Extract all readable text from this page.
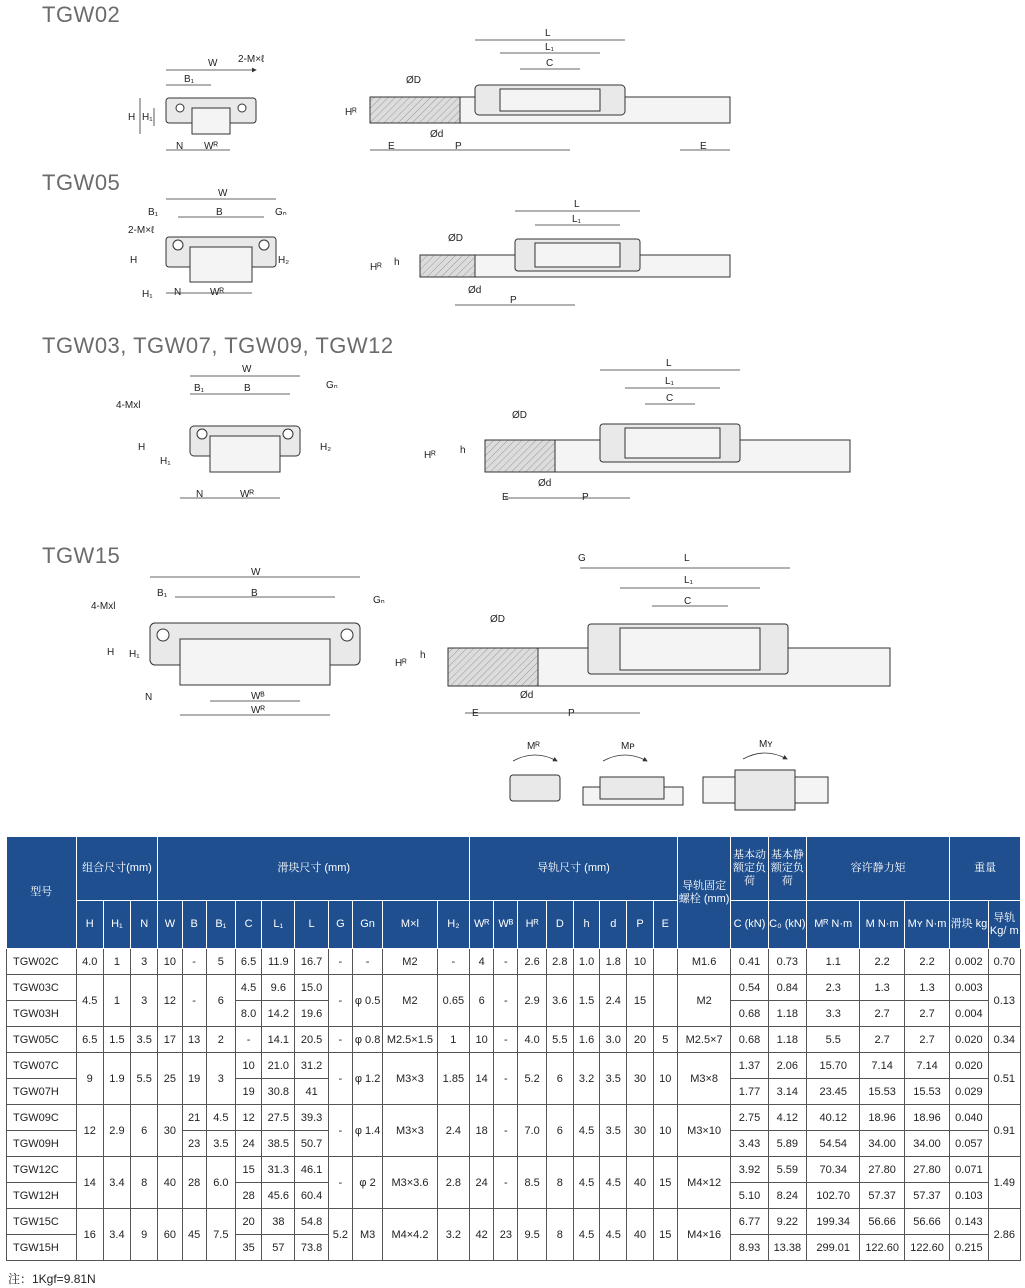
TGW02
TGW05
TGW03, TGW07, TGW09, TGW12
TGW15
W
B₁
2-M×ℓ
H H₁
N Wᴿ
L
L₁
C
ØD
Ød
Hᴿ
E	P	E
W
B₁	B	Gₙ
2-M×ℓ
H
H₁
H₂
N	Wᴿ
L
L₁
ØD
Ød
Hᴿ h
P
W
B₁	B	Gₙ
4-Mxl
H
H₁
H₂
N	Wᴿ
L
L₁
C
ØD
Ød
Hᴿ h
E	P
W
B₁	B
Gₙ
4-Mxl
H H₁
N	Wᴮ
Wᴿ
L
L₁
C
G
ØD
Ød
Hᴿ
h
E	P
Mᴿ	Mᴘ	Mʏ
型号	组合尺寸(mm)			滑块尺寸 (mm)										导轨尺寸 (mm)								导轨固定螺栓 (mm)	基本动额定负荷	基本静额定负荷	容许静力矩			重量	
	H	H₁	N	W	B	B₁	C	L₁	L	G	Gn	M×l	H₂	Wᴿ	Wᴮ	Hᴿ	D	h	d	P	E		C (kN)	C₀ (kN)	Mᴿ N·m	M N·m	Mʏ N·m	滑块 kg	导轨 Kg/ m
TGW02C	4.0	1	3	10	-	5	6.5	11.9	16.7	-	-	M2	-	4	-	2.6	2.8	1.0	1.8	10		M1.6	0.41	0.73	1.1	2.2	2.2	0.002	0.70
TGW03C	4.5	1	3	12	-	6	4.5	9.6	15.0	-	φ 0.5	M2	0.65	6	-	2.9	3.6	1.5	2.4	15		M2	0.54	0.84	2.3	1.3	1.3	0.003	0.13
TGW03H							8.0	14.2	19.6														0.68	1.18	3.3	2.7	2.7	0.004	
TGW05C	6.5	1.5	3.5	17	13	2	-	14.1	20.5	-	φ 0.8	M2.5×1.5	1	10	-	4.0	5.5	1.6	3.0	20	5	M2.5×7	0.68	1.18	5.5	2.7	2.7	0.020	0.34
TGW07C	9	1.9	5.5	25	19	3	10	21.0	31.2	-	φ 1.2	M3×3	1.85	14	-	5.2	6	3.2	3.5	30	10	M3×8	1.37	2.06	15.70	7.14	7.14	0.020	0.51
TGW07H							19	30.8	41														1.77	3.14	23.45	15.53	15.53	0.029	
TGW09C	12	2.9	6	30	21	4.5	12	27.5	39.3	-	φ 1.4	M3×3	2.4	18	-	7.0	6	4.5	3.5	30	10	M3×10	2.75	4.12	40.12	18.96	18.96	0.040	0.91
TGW09H					23	3.5	24	38.5	50.7														3.43	5.89	54.54	34.00	34.00	0.057	
TGW12C	14	3.4	8	40	28	6.0	15	31.3	46.1	-	φ 2	M3×3.6	2.8	24	-	8.5	8	4.5	4.5	40	15	M4×12	3.92	5.59	70.34	27.80	27.80	0.071	1.49
TGW12H							28	45.6	60.4														5.10	8.24	102.70	57.37	57.37	0.103	
TGW15C	16	3.4	9	60	45	7.5	20	38	54.8	5.2	M3	M4×4.2	3.2	42	23	9.5	8	4.5	4.5	40	15	M4×16	6.77	9.22	199.34	56.66	56.66	0.143	2.86
TGW15H							35	57	73.8														8.93	13.38	299.01	122.60	122.60	0.215	
注：1Kgf=9.81N
